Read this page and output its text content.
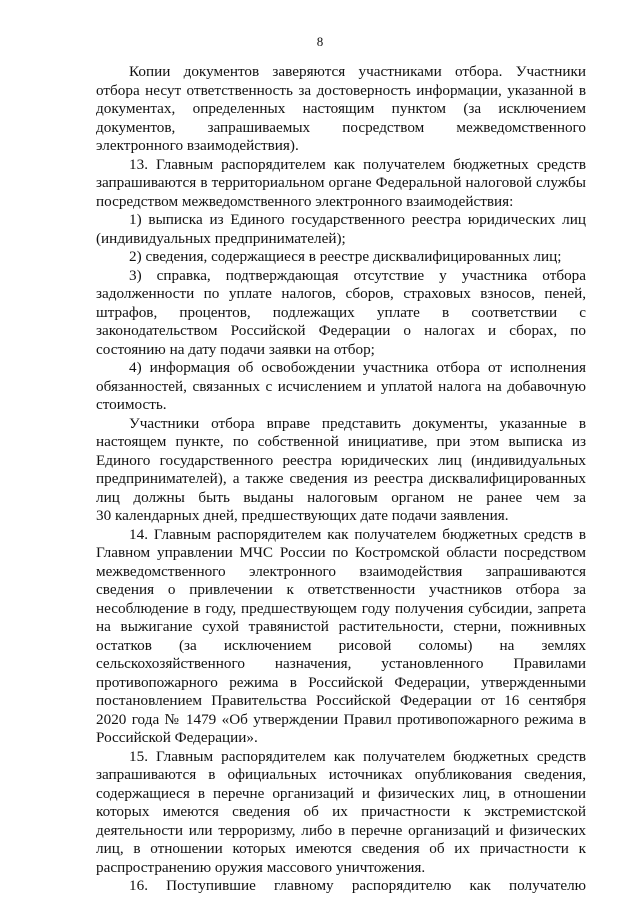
8
Копии документов заверяются участниками отбора. Участники
отбора несут ответственность за достоверность информации, указанной в
документах, определенных настоящим пунктом (за исключением
документов, запрашиваемых посредством межведомственного
электронного взаимодействия).
13. Главным распорядителем как получателем бюджетных средств
запрашиваются в территориальном органе Федеральной налоговой службы
посредством межведомственного электронного взаимодействия:
1) выписка из Единого государственного реестра юридических лиц
(индивидуальных предпринимателей);
2) сведения, содержащиеся в реестре дисквалифицированных лиц;
3) справка, подтверждающая отсутствие у участника отбора
задолженности по уплате налогов, сборов, страховых взносов, пеней,
штрафов, процентов, подлежащих уплате в соответствии с
законодательством Российской Федерации о налогах и сборах, по
состоянию на дату подачи заявки на отбор;
4) информация об освобождении участника отбора от исполнения
обязанностей, связанных с исчислением и уплатой налога на добавочную
стоимость.
Участники отбора вправе представить документы, указанные в
настоящем пункте, по собственной инициативе, при этом выписка из
Единого государственного реестра юридических лиц (индивидуальных
предпринимателей), а также сведения из реестра дисквалифицированных
лиц должны быть выданы налоговым органом не ранее чем за
30 календарных дней, предшествующих дате подачи заявления.
14. Главным распорядителем как получателем бюджетных средств в
Главном управлении МЧС России по Костромской области посредством
межведомственного электронного взаимодействия запрашиваются
сведения о привлечении к ответственности участников отбора за
несоблюдение в году, предшествующем году получения субсидии, запрета
на выжигание сухой травянистой растительности, стерни, пожнивных
остатков (за исключением рисовой соломы) на землях
сельскохозяйственного назначения, установленного Правилами
противопожарного режима в Российской Федерации, утвержденными
постановлением Правительства Российской Федерации от 16 сентября
2020 года № 1479 «Об утверждении Правил противопожарного режима в
Российской Федерации».
15. Главным распорядителем как получателем бюджетных средств
запрашиваются в официальных источниках опубликования сведения,
содержащиеся в перечне организаций и физических лиц, в отношении
которых имеются сведения об их причастности к экстремистской
деятельности или терроризму, либо в перечне организаций и физических
лиц, в отношении которых имеются сведения об их причастности к
распространению оружия массового уничтожения.
16. Поступившие главному распорядителю как получателю
